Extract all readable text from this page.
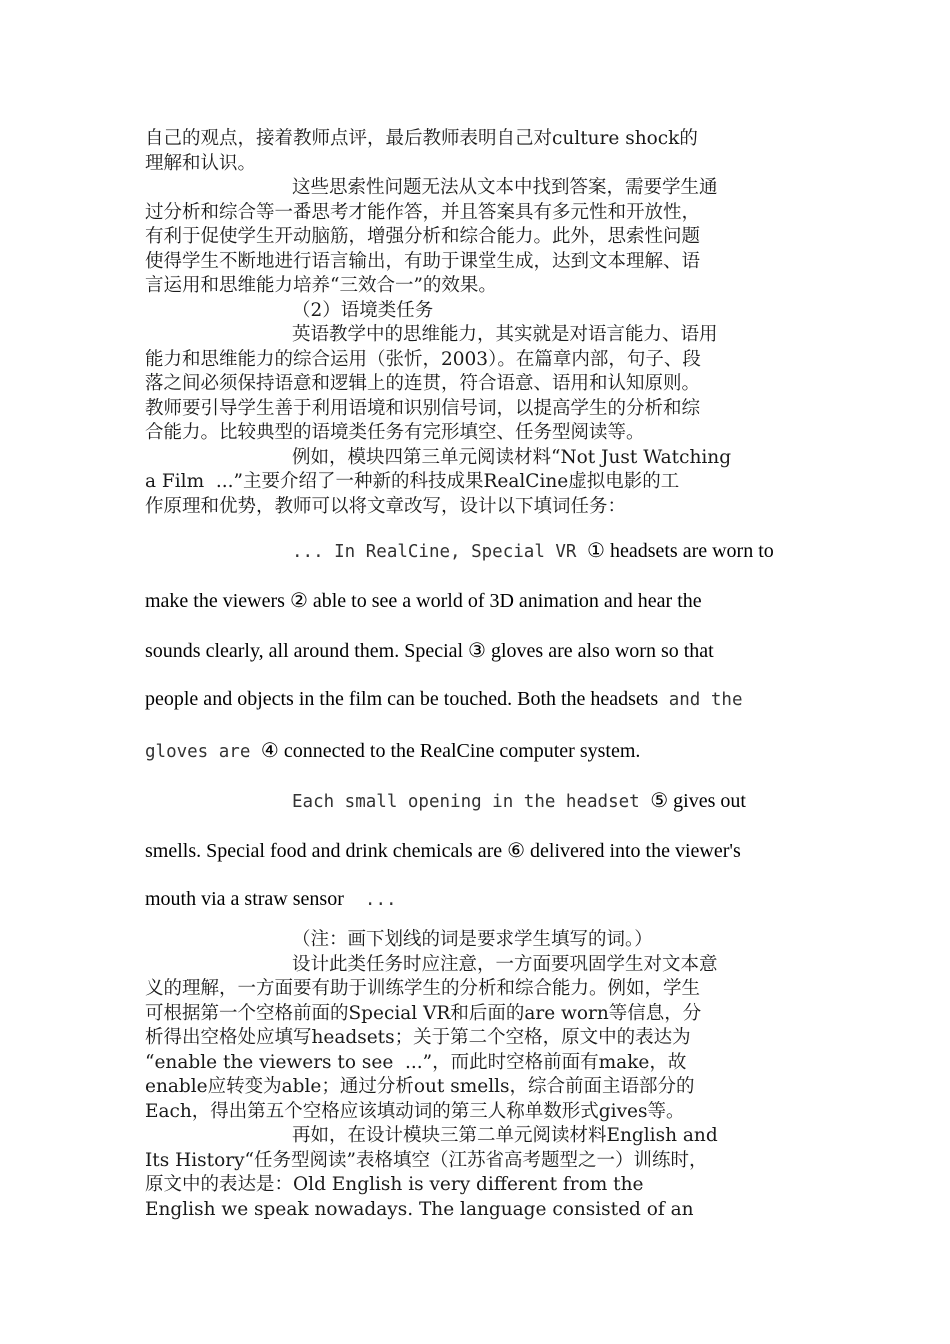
自己的观点，接着教师点评，最后教师表明自己对culture shock的

理解和认识。

这些思索性问题无法从文本中找到答案，需要学生通

过分析和综合等一番思考才能作答，并且答案具有多元性和开放性，

有利于促使学生开动脑筋，增强分析和综合能力。此外，思索性问题

使得学生不断地进行语言输出，有助于课堂生成，达到文本理解、语

言运用和思维能力培养“三效合一”的效果。

（2）语境类任务

英语教学中的思维能力，其实就是对语言能力、语用

能力和思维能力的综合运用（张忻，2003）。在篇章内部，句子、段

落之间必须保持语意和逻辑上的连贯，符合语意、语用和认知原则。

教师要引导学生善于利用语境和识别信号词，以提高学生的分析和综

合能力。比较典型的语境类任务有完形填空、任务型阅读等。

例如，模块四第三单元阅读材料“Not Just Watching

a Film  ...”主要介绍了一种新的科技成果RealCine虚拟电影的工

作原理和优势，教师可以将文章改写，设计以下填词任务：

... In RealCine, Special VR ① headsets are worn to
make the viewers ② able to see a world of 3D animation and hear the
sounds clearly, all around them. Special ③ gloves are also worn so that
people and objects in the film can be touched. Both the headsets and the
gloves are ④ connected to the RealCine computer system.
Each small opening in the headset ⑤ gives out
smells. Special food and drink chemicals are ⑥ delivered into the viewer's
mouth via a straw sensor  ...

（注：画下划线的词是要求学生填写的词。）

设计此类任务时应注意，一方面要巩固学生对文本意

义的理解，一方面要有助于训练学生的分析和综合能力。例如，学生

可根据第一个空格前面的Special VR和后面的are worn等信息，分

析得出空格处应填写headsets；关于第二个空格，原文中的表达为

“enable the viewers to see  ...”，而此时空格前面有make，故

enable应转变为able；通过分析out smells，综合前面主语部分的

Each，得出第五个空格应该填动词的第三人称单数形式gives等。

再如，在设计模块三第二单元阅读材料English and

Its History“任务型阅读”表格填空（江苏省高考题型之一）训练时，

原文中的表达是：Old English is very different from the

English we speak nowadays. The language consisted of an
